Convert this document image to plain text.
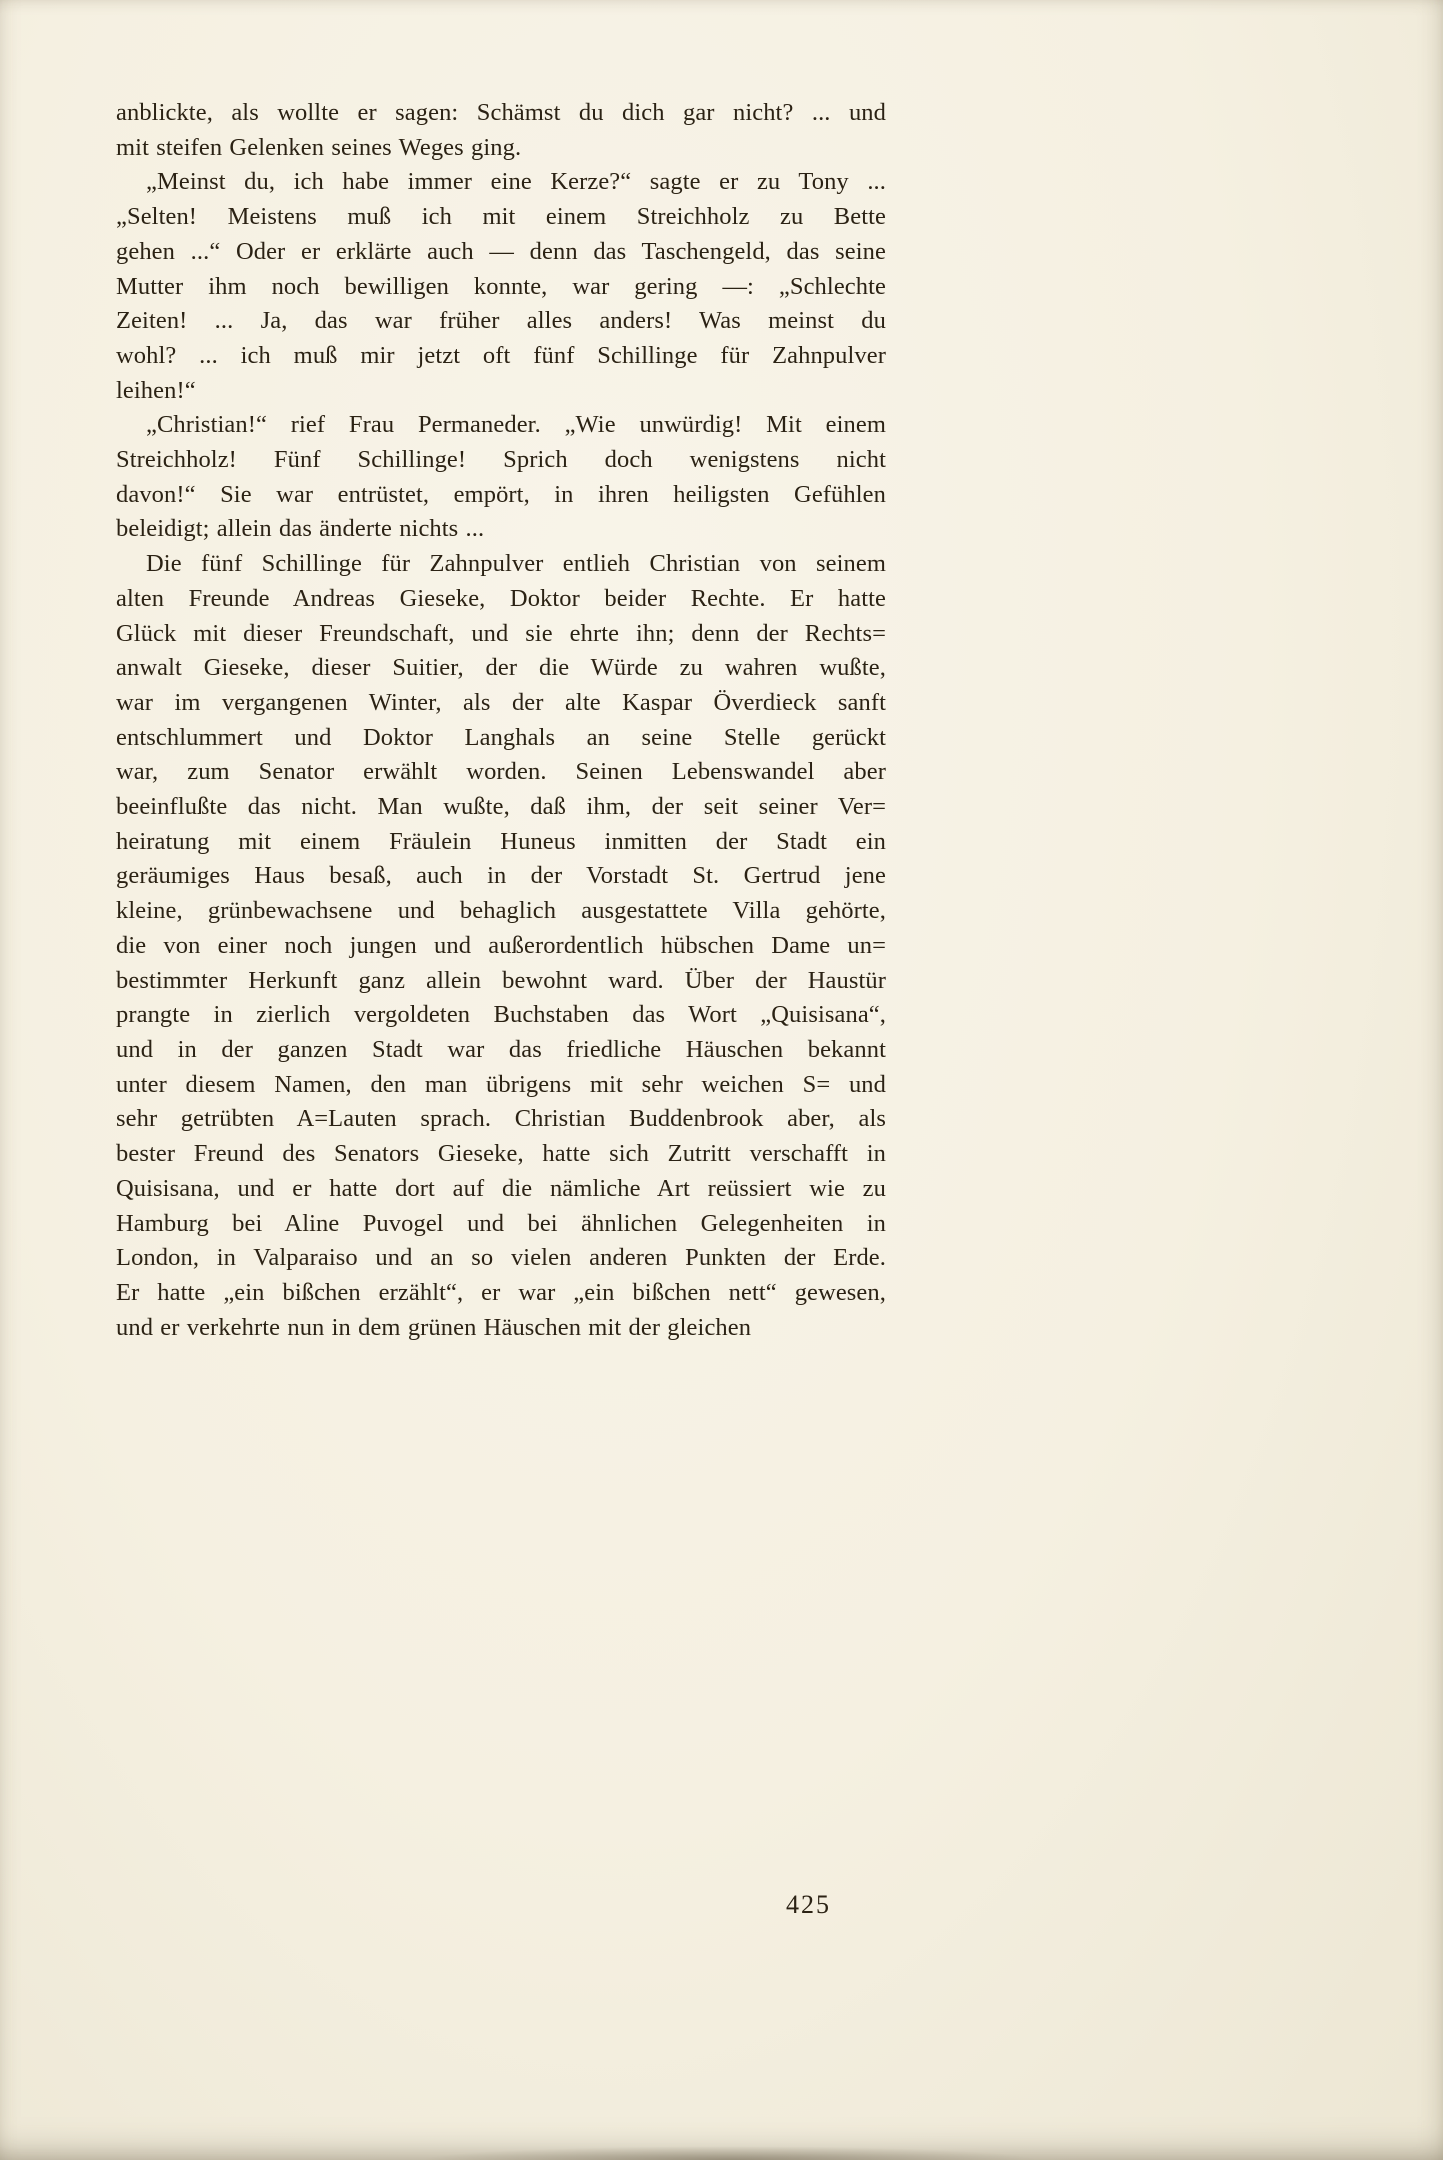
anblickte, als wollte er sagen: Schämst du dich gar nicht? ... und
mit steifen Gelenken seines Weges ging.
„Meinst du, ich habe immer eine Kerze?“ sagte er zu Tony ...
„Selten! Meistens muß ich mit einem Streichholz zu Bette
gehen ...“ Oder er erklärte auch — denn das Taschengeld, das seine
Mutter ihm noch bewilligen konnte, war gering —: „Schlechte
Zeiten! ... Ja, das war früher alles anders! Was meinst du
wohl? ... ich muß mir jetzt oft fünf Schillinge für Zahnpulver
leihen!“
„Christian!“ rief Frau Permaneder. „Wie unwürdig! Mit einem
Streichholz! Fünf Schillinge! Sprich doch wenigstens nicht
davon!“ Sie war entrüstet, empört, in ihren heiligsten Gefühlen
beleidigt; allein das änderte nichts ...
Die fünf Schillinge für Zahnpulver entlieh Christian von seinem
alten Freunde Andreas Gieseke, Doktor beider Rechte. Er hatte
Glück mit dieser Freundschaft, und sie ehrte ihn; denn der Rechts=
anwalt Gieseke, dieser Suitier, der die Würde zu wahren wußte,
war im vergangenen Winter, als der alte Kaspar Överdieck sanft
entschlummert und Doktor Langhals an seine Stelle gerückt
war, zum Senator erwählt worden. Seinen Lebenswandel aber
beeinflußte das nicht. Man wußte, daß ihm, der seit seiner Ver=
heiratung mit einem Fräulein Huneus inmitten der Stadt ein
geräumiges Haus besaß, auch in der Vorstadt St. Gertrud jene
kleine, grünbewachsene und behaglich ausgestattete Villa gehörte,
die von einer noch jungen und außerordentlich hübschen Dame un=
bestimmter Herkunft ganz allein bewohnt ward. Über der Haustür
prangte in zierlich vergoldeten Buchstaben das Wort „Quisisana“,
und in der ganzen Stadt war das friedliche Häuschen bekannt
unter diesem Namen, den man übrigens mit sehr weichen S= und
sehr getrübten A=Lauten sprach. Christian Buddenbrook aber, als
bester Freund des Senators Gieseke, hatte sich Zutritt verschafft in
Quisisana, und er hatte dort auf die nämliche Art reüssiert wie zu
Hamburg bei Aline Puvogel und bei ähnlichen Gelegenheiten in
London, in Valparaiso und an so vielen anderen Punkten der Erde.
Er hatte „ein bißchen erzählt“, er war „ein bißchen nett“ gewesen,
und er verkehrte nun in dem grünen Häuschen mit der gleichen
425
